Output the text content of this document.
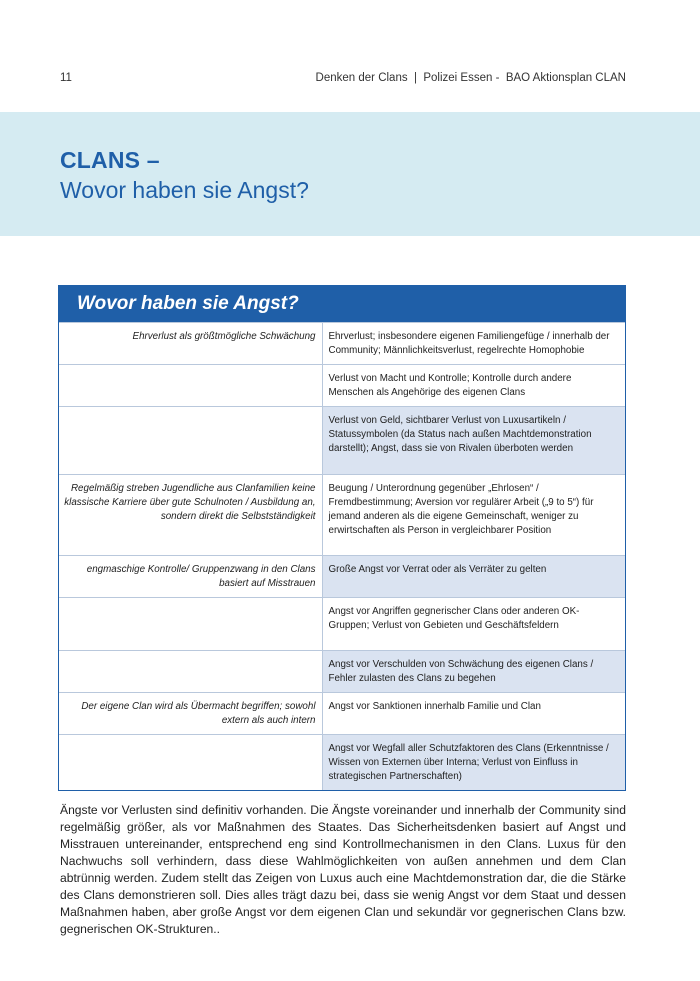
11	Denken der Clans  |  Polizei Essen -  BAO Aktionsplan CLAN
CLANS –
Wovor haben sie Angst?
Wovor haben sie Angst?
Ehrverlust als größtmögliche Schwächung	Ehrverlust; insbesondere eigenen Familiengefüge / innerhalb der Community; Männlichkeitsverlust, regelrechte Homophobie
	Verlust von Macht und Kontrolle; Kontrolle durch andere Menschen als Angehörige des eigenen Clans
	Verlust von Geld, sichtbarer Verlust von Luxusartikeln / Statussymbolen (da Status nach außen Machtdemonstration darstellt); Angst, dass sie von Rivalen überboten werden
Regelmäßig streben Jugendliche aus Clanfamilien keine klassische Karriere über gute Schulnoten / Ausbildung an, sondern direkt die Selbstständigkeit	Beugung / Unterordnung gegenüber „Ehrlosen“ / Fremdbestimmung; Aversion vor regulärer Arbeit („9 to 5“) für jemand anderen als die eigene Gemeinschaft, weniger zu erwirtschaften als Person in vergleichbarer Position
engmaschige Kontrolle/ Gruppenzwang in den Clans basiert auf Misstrauen	Große Angst vor Verrat oder als Verräter zu gelten
	Angst vor Angriffen gegnerischer Clans oder anderen OK-Gruppen; Verlust von Gebieten und Geschäftsfeldern
	Angst vor Verschulden von Schwächung des eigenen Clans / Fehler zulasten des Clans zu begehen
Der eigene Clan wird als Übermacht begriffen; sowohl extern als auch intern	Angst vor Sanktionen innerhalb Familie und Clan
	Angst vor Wegfall aller Schutzfaktoren des Clans (Erkenntnisse / Wissen von Externen über Interna; Verlust von Einfluss in strategischen Partnerschaften)
Ängste vor Verlusten sind definitiv vorhanden. Die Ängste voreinander und innerhalb der Community sind regelmäßig größer, als vor Maßnahmen des Staates. Das Sicherheitsdenken basiert auf Angst und Misstrauen untereinander, entsprechend eng sind Kontrollmechanismen in den Clans. Luxus für den Nachwuchs soll verhindern, dass diese Wahlmöglichkeiten von außen annehmen und dem Clan abtrünnig werden. Zudem stellt das Zeigen von Luxus auch eine Machtdemonstration dar, die die Stärke des Clans demonstrieren soll. Dies alles trägt dazu bei, dass sie wenig Angst vor dem Staat und dessen Maßnahmen haben, aber große Angst vor dem eigenen Clan und sekundär vor gegnerischen Clans bzw. gegnerischen OK-Strukturen..
